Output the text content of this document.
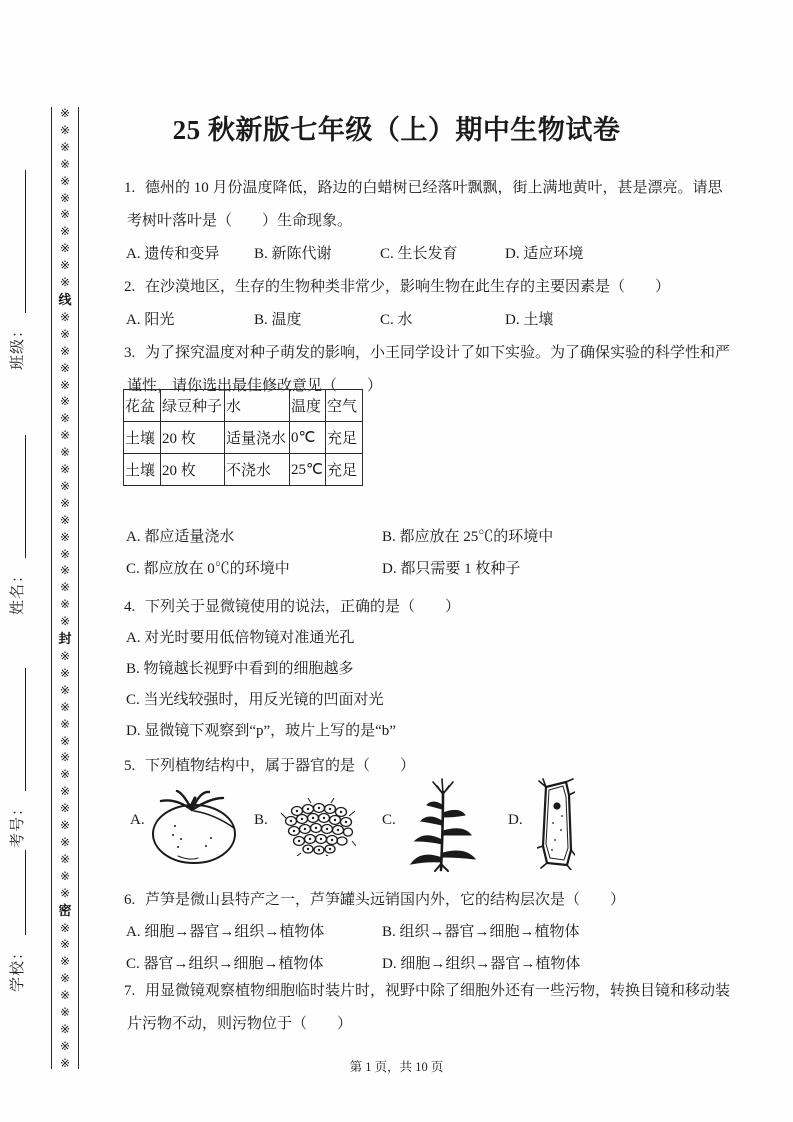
※
※
※
※
※
※
※
※
※
※
※
线
※
※
※
※
※
※
※
※
※
※
※
※
※
※
※
※
※
※
※
封
※
※
※
※
※
※
※
※
※
※
※
※
※
※
※
密
※
※
※
※
※
※
※
※
※
班级：
姓名：
考号：
学校：
25 秋新版七年级（上）期中生物试卷
1. 德州的 10 月份温度降低，路边的白蜡树已经落叶飘飘，街上满地黄叶，甚是漂亮。请思
考树叶落叶是（　　）生命现象。
A. 遗传和变异	B. 新陈代谢	C. 生长发育	D. 适应环境
2. 在沙漠地区，生存的生物种类非常少，影响生物在此生存的主要因素是（　　）
A. 阳光	B. 温度	C. 水	D. 土壤
3. 为了探究温度对种子萌发的影响，小王同学设计了如下实验。为了确保实验的科学性和严
谨性，请你选出最佳修改意见（　　）
花盆	绿豆种子	水	温度	空气
土壤	20 枚	适量浇水	0℃	充足
土壤	20 枚	不浇水	25℃	充足
A. 都应适量浇水	B. 都应放在 25℃的环境中
C. 都应放在 0℃的环境中	D. 都只需要 1 枚种子
4. 下列关于显微镜使用的说法，正确的是（　　）
A. 对光时要用低倍物镜对准通光孔
B. 物镜越长视野中看到的细胞越多
C. 当光线较强时，用反光镜的凹面对光
D. 显微镜下观察到“p”，玻片上写的是“b”
5. 下列植物结构中，属于器官的是（　　）
A.	B.	C.	D.
6. 芦笋是微山县特产之一，芦笋罐头远销国内外，它的结构层次是（　　）
A. 细胞→器官→组织→植物体	B. 组织→器官→细胞→植物体
C. 器官→组织→细胞→植物体	D. 细胞→组织→器官→植物体
7. 用显微镜观察植物细胞临时装片时，视野中除了细胞外还有一些污物，转换目镜和移动装
片污物不动，则污物位于（　　）
第 1 页，共 10 页
